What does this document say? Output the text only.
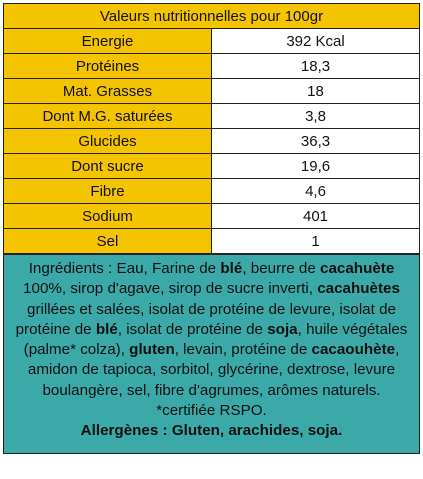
Valeurs nutritionnelles pour 100gr	
Energie	392 Kcal
Protéines	18,3
Mat. Grasses	18
Dont M.G. saturées	3,8
Glucides	36,3
Dont sucre	19,6
Fibre	4,6
Sodium	401
Sel	1
Ingrédients : Eau, Farine de blé, beurre de cacahuète 100%, sirop d'agave, sirop de sucre inverti, cacahuètes grillées et salées, isolat de protéine de levure, isolat de protéine de blé, isolat de protéine de soja, huile végétales (palme* colza), gluten, levain, protéine de cacaouhète, amidon de tapioca, sorbitol, glycérine, dextrose, levure boulangère, sel, fibre d'agrumes, arômes naturels.
*certifiée RSPO.
Allergènes : Gluten, arachides, soja.
